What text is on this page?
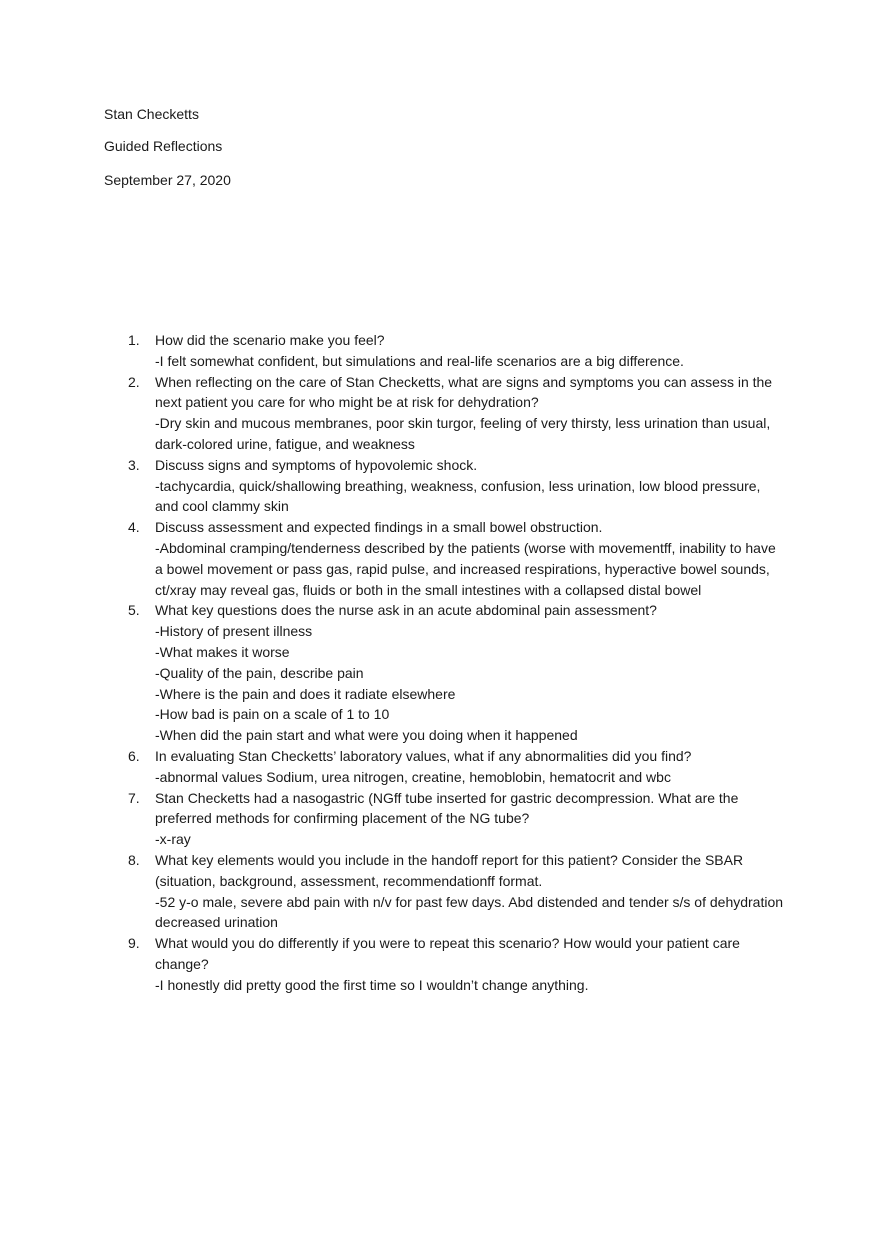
Stan Checketts
Guided Reflections
September 27, 2020
1.	How did the scenario make you feel?
-I felt somewhat confident, but simulations and real-life scenarios are a big difference.
2.	When reflecting on the care of Stan Checketts, what are signs and symptoms you can assess in the next patient you care for who might be at risk for dehydration?
-Dry skin and mucous membranes, poor skin turgor, feeling of very thirsty, less urination than usual, dark-colored urine, fatigue, and weakness
3.	Discuss signs and symptoms of hypovolemic shock.
-tachycardia, quick/shallowing breathing, weakness, confusion, less urination, low blood pressure, and cool clammy skin
4.	Discuss assessment and expected findings in a small bowel obstruction.
-Abdominal cramping/tenderness described by the patients (worse with movementff, inability to have a bowel movement or pass gas, rapid pulse, and increased respirations, hyperactive bowel sounds, ct/xray may reveal gas, fluids or both in the small intestines with a collapsed distal bowel
5.	What key questions does the nurse ask in an acute abdominal pain assessment?
-History of present illness
-What makes it worse
-Quality of the pain, describe pain
-Where is the pain and does it radiate elsewhere
-How bad is pain on a scale of 1 to 10
-When did the pain start and what were you doing when it happened
6.	In evaluating Stan Checketts’ laboratory values, what if any abnormalities did you find?
-abnormal values Sodium, urea nitrogen, creatine, hemoblobin, hematocrit and wbc
7.	Stan Checketts had a nasogastric (NGff tube inserted for gastric decompression. What are the preferred methods for confirming placement of the NG tube?
-x-ray
8.	What key elements would you include in the handoff report for this patient? Consider the SBAR (situation, background, assessment, recommendationff format.
-52 y-o male, severe abd pain with n/v for past few days. Abd distended and tender s/s of dehydration decreased urination
9.	What would you do differently if you were to repeat this scenario? How would your patient care change?
-I honestly did pretty good the first time so I wouldn’t change anything.
